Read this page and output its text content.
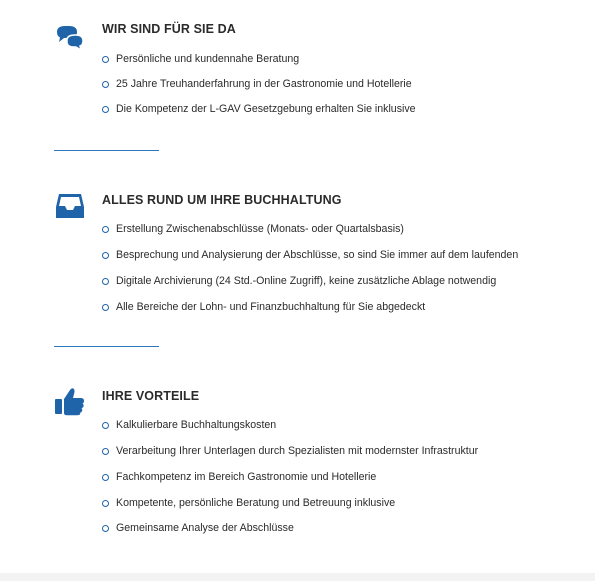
WIR SIND FÜR SIE DA
Persönliche und kundennahe Beratung
25 Jahre Treuhanderfahrung in der Gastronomie und Hotellerie
Die Kompetenz der L-GAV Gesetzgebung erhalten Sie inklusive
ALLES RUND UM IHRE BUCHHALTUNG
Erstellung Zwischenabschlüsse (Monats- oder Quartalsbasis)
Besprechung und Analysierung der Abschlüsse, so sind Sie immer auf dem laufenden
Digitale Archivierung (24 Std.-Online Zugriff), keine zusätzliche Ablage notwendig
Alle Bereiche der Lohn- und Finanzbuchhaltung für Sie abgedeckt
IHRE VORTEILE
Kalkulierbare Buchhaltungskosten
Verarbeitung Ihrer Unterlagen durch Spezialisten mit modernster Infrastruktur
Fachkompetenz im Bereich Gastronomie und Hotellerie
Kompetente, persönliche Beratung und Betreuung inklusive
Gemeinsame Analyse der Abschlüsse
